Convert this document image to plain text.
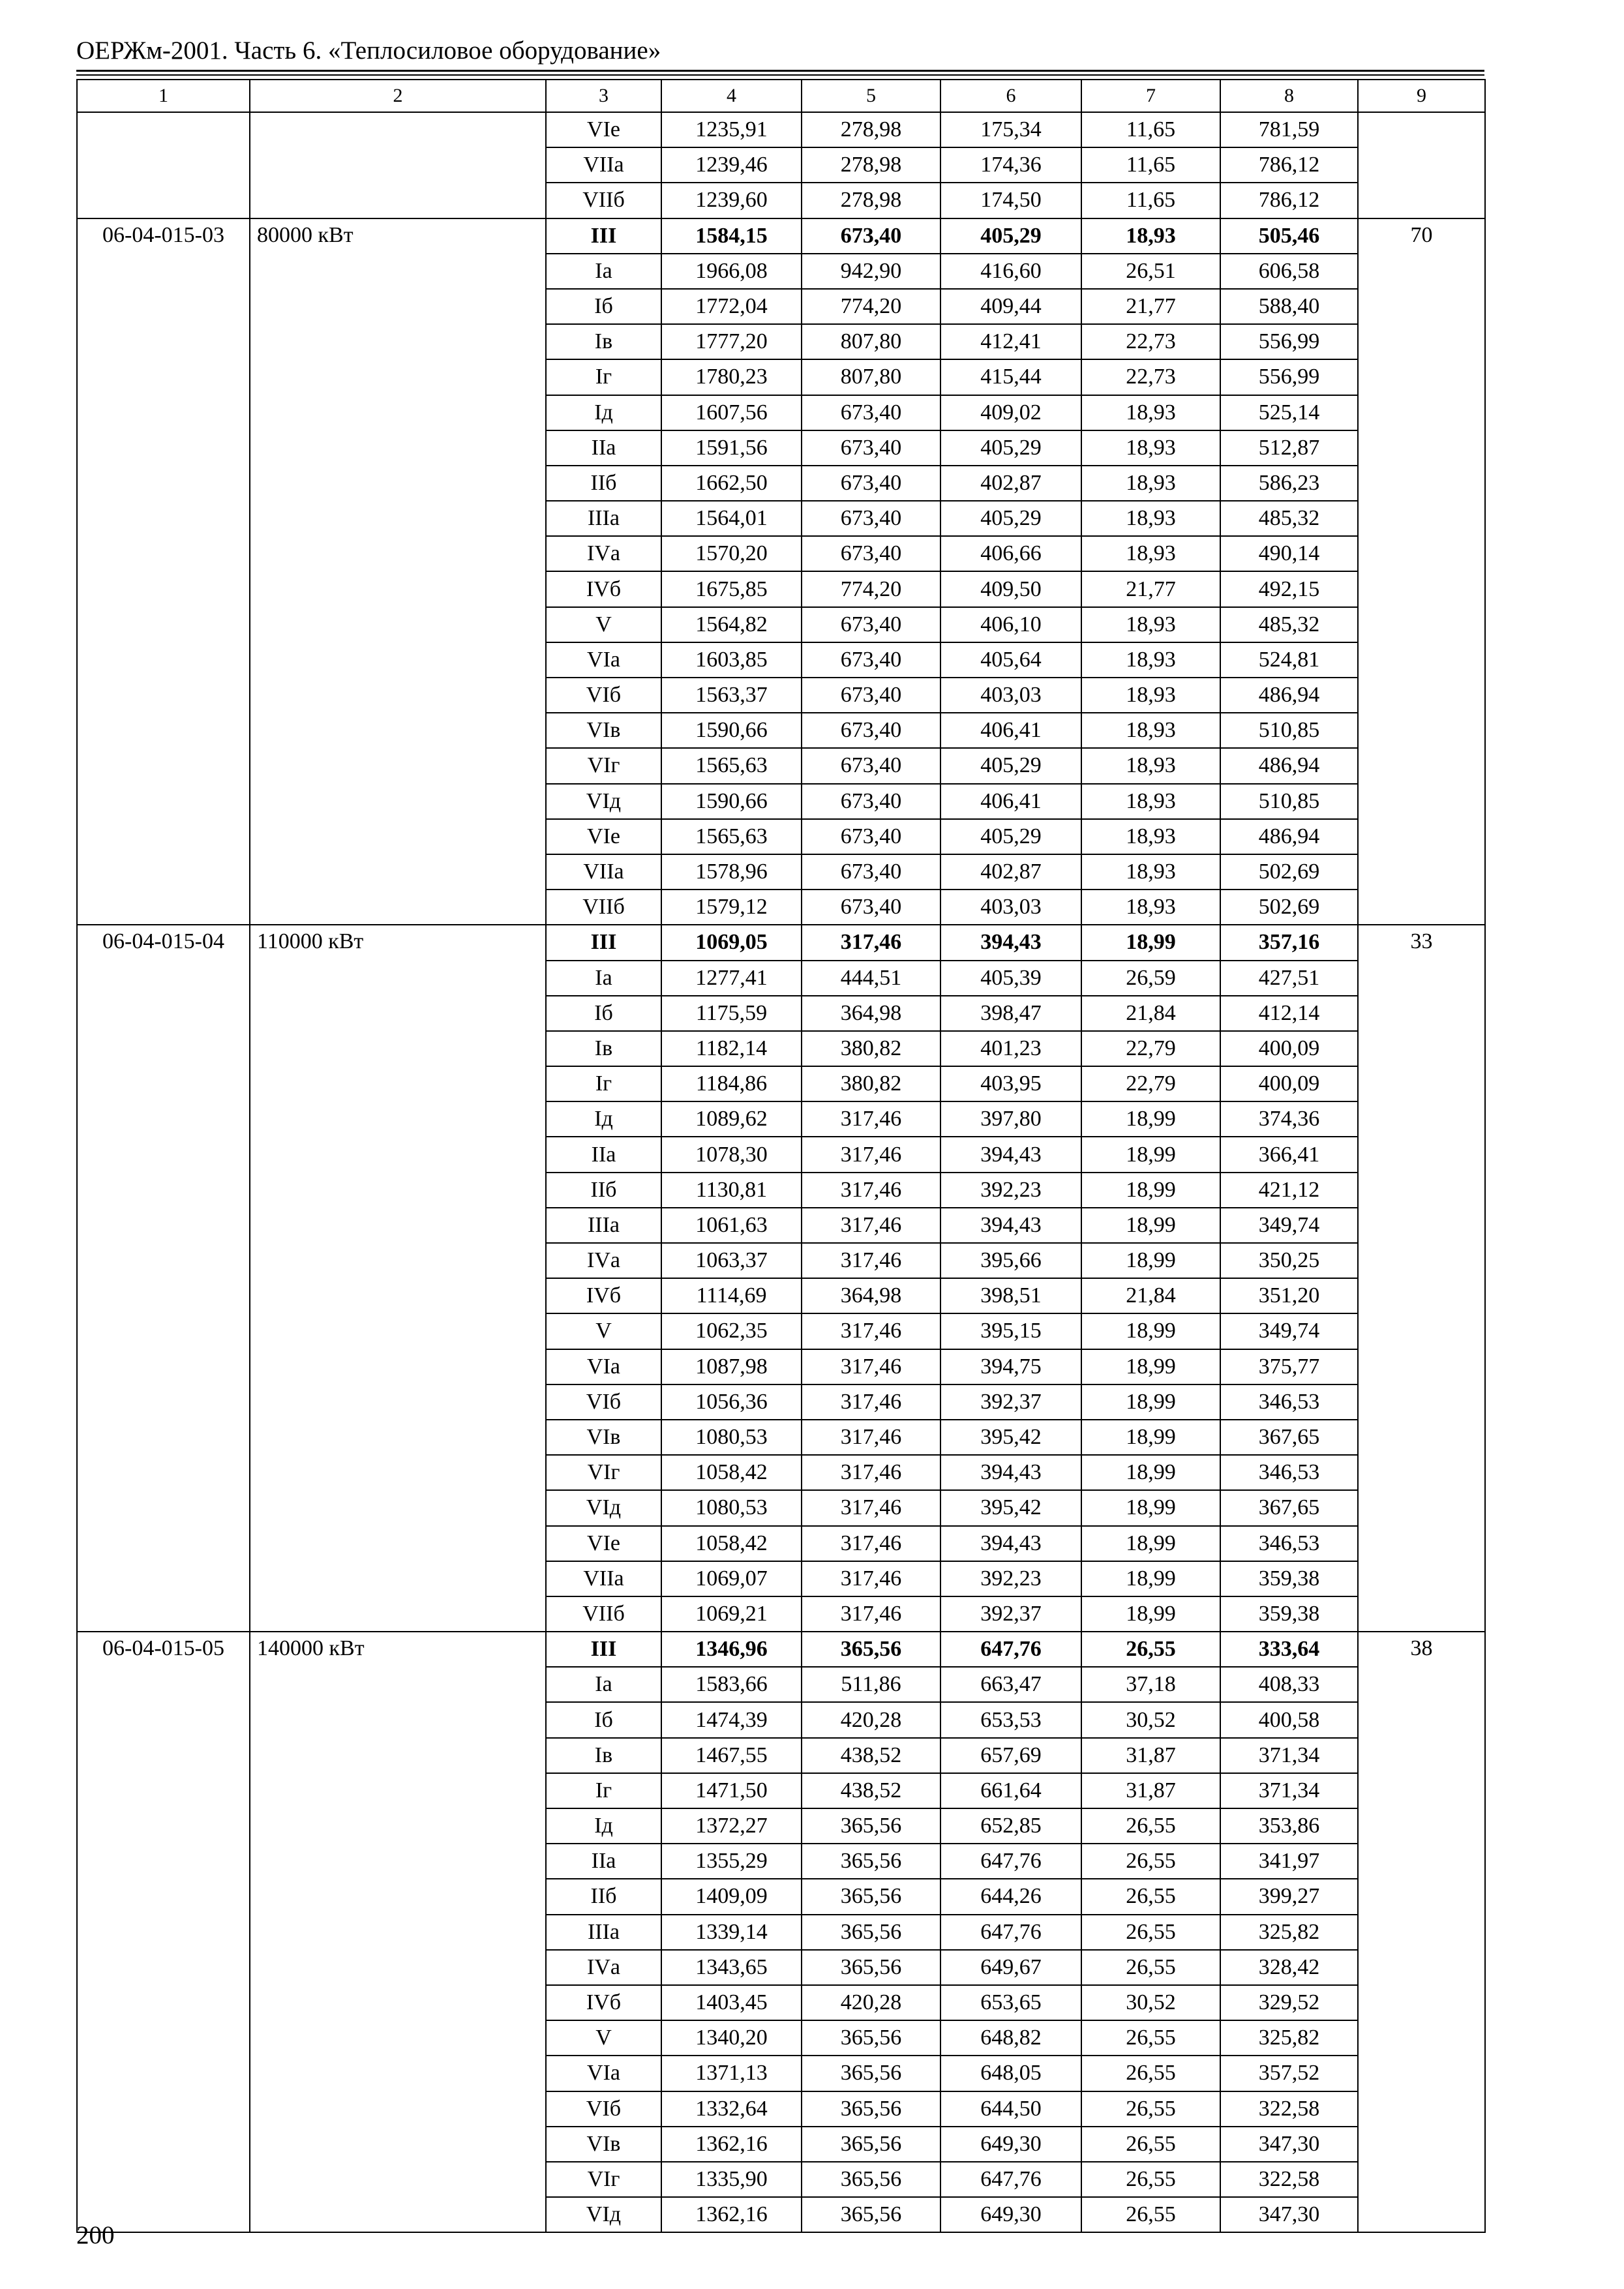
ОЕРЖм-2001. Часть 6. «Теплосиловое оборудование»
1	2	3	4	5	6	7	8	9
		VIе	1235,91	278,98	175,34	11,65	781,59	
		VIIа	1239,46	278,98	174,36	11,65	786,12	
		VIIб	1239,60	278,98	174,50	11,65	786,12	
06-04-015-03	80000 кВт	III	1584,15	673,40	405,29	18,93	505,46	70
		Iа	1966,08	942,90	416,60	26,51	606,58	
		Iб	1772,04	774,20	409,44	21,77	588,40	
		Iв	1777,20	807,80	412,41	22,73	556,99	
		Iг	1780,23	807,80	415,44	22,73	556,99	
		Iд	1607,56	673,40	409,02	18,93	525,14	
		IIа	1591,56	673,40	405,29	18,93	512,87	
		IIб	1662,50	673,40	402,87	18,93	586,23	
		IIIа	1564,01	673,40	405,29	18,93	485,32	
		IVа	1570,20	673,40	406,66	18,93	490,14	
		IVб	1675,85	774,20	409,50	21,77	492,15	
		V	1564,82	673,40	406,10	18,93	485,32	
		VIа	1603,85	673,40	405,64	18,93	524,81	
		VIб	1563,37	673,40	403,03	18,93	486,94	
		VIв	1590,66	673,40	406,41	18,93	510,85	
		VIг	1565,63	673,40	405,29	18,93	486,94	
		VIд	1590,66	673,40	406,41	18,93	510,85	
		VIе	1565,63	673,40	405,29	18,93	486,94	
		VIIа	1578,96	673,40	402,87	18,93	502,69	
		VIIб	1579,12	673,40	403,03	18,93	502,69	
06-04-015-04	110000 кВт	III	1069,05	317,46	394,43	18,99	357,16	33
		Iа	1277,41	444,51	405,39	26,59	427,51	
		Iб	1175,59	364,98	398,47	21,84	412,14	
		Iв	1182,14	380,82	401,23	22,79	400,09	
		Iг	1184,86	380,82	403,95	22,79	400,09	
		Iд	1089,62	317,46	397,80	18,99	374,36	
		IIа	1078,30	317,46	394,43	18,99	366,41	
		IIб	1130,81	317,46	392,23	18,99	421,12	
		IIIа	1061,63	317,46	394,43	18,99	349,74	
		IVа	1063,37	317,46	395,66	18,99	350,25	
		IVб	1114,69	364,98	398,51	21,84	351,20	
		V	1062,35	317,46	395,15	18,99	349,74	
		VIа	1087,98	317,46	394,75	18,99	375,77	
		VIб	1056,36	317,46	392,37	18,99	346,53	
		VIв	1080,53	317,46	395,42	18,99	367,65	
		VIг	1058,42	317,46	394,43	18,99	346,53	
		VIд	1080,53	317,46	395,42	18,99	367,65	
		VIе	1058,42	317,46	394,43	18,99	346,53	
		VIIа	1069,07	317,46	392,23	18,99	359,38	
		VIIб	1069,21	317,46	392,37	18,99	359,38	
06-04-015-05	140000 кВт	III	1346,96	365,56	647,76	26,55	333,64	38
		Iа	1583,66	511,86	663,47	37,18	408,33	
		Iб	1474,39	420,28	653,53	30,52	400,58	
		Iв	1467,55	438,52	657,69	31,87	371,34	
		Iг	1471,50	438,52	661,64	31,87	371,34	
		Iд	1372,27	365,56	652,85	26,55	353,86	
		IIа	1355,29	365,56	647,76	26,55	341,97	
		IIб	1409,09	365,56	644,26	26,55	399,27	
		IIIа	1339,14	365,56	647,76	26,55	325,82	
		IVа	1343,65	365,56	649,67	26,55	328,42	
		IVб	1403,45	420,28	653,65	30,52	329,52	
		V	1340,20	365,56	648,82	26,55	325,82	
		VIа	1371,13	365,56	648,05	26,55	357,52	
		VIб	1332,64	365,56	644,50	26,55	322,58	
		VIв	1362,16	365,56	649,30	26,55	347,30	
		VIг	1335,90	365,56	647,76	26,55	322,58	
		VIд	1362,16	365,56	649,30	26,55	347,30	
200
